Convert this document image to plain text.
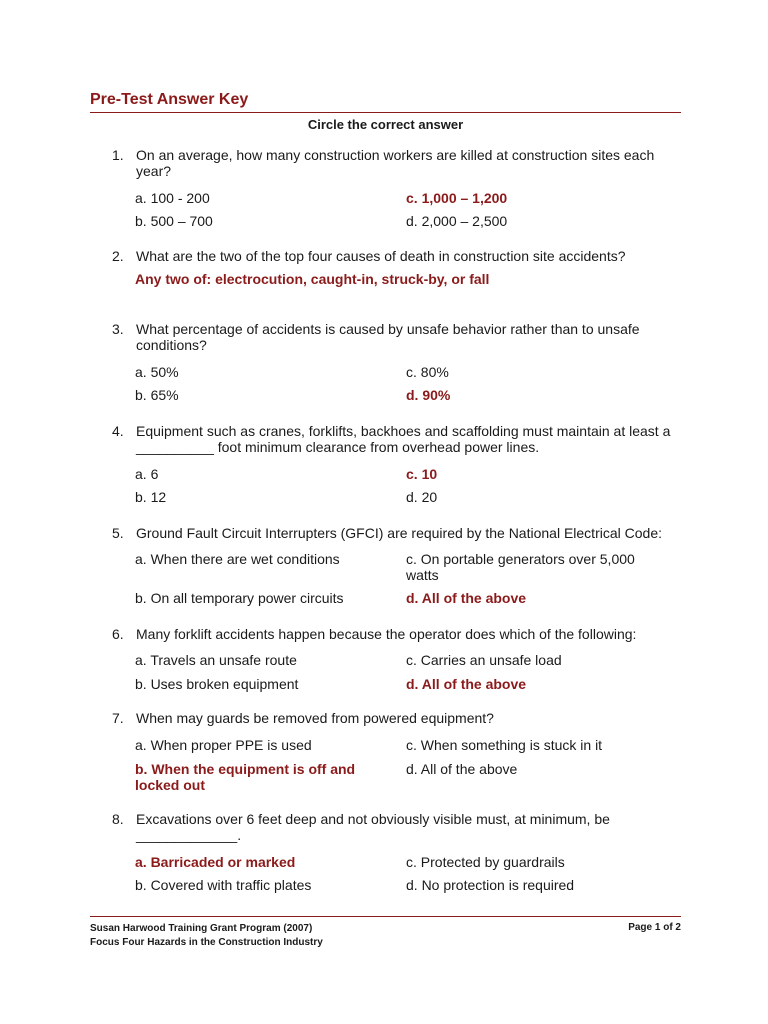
Pre-Test Answer Key
Circle the correct answer
1. On an average, how many construction workers are killed at construction sites each year?
a. 100 - 200	c. 1,000 – 1,200
b. 500 – 700	d. 2,000 – 2,500
2. What are the two of the top four causes of death in construction site accidents?
Any two of: electrocution, caught-in, struck-by, or fall
3. What percentage of accidents is caused by unsafe behavior rather than to unsafe conditions?
a. 50%	c. 80%
b. 65%	d. 90%
4. Equipment such as cranes, forklifts, backhoes and scaffolding must maintain at least a __________ foot minimum clearance from overhead power lines.
a. 6	c. 10
b. 12	d. 20
5. Ground Fault Circuit Interrupters (GFCI) are required by the National Electrical Code:
a. When there are wet conditions	c. On portable generators over 5,000 watts
b. On all temporary power circuits	d. All of the above
6. Many forklift accidents happen because the operator does which of the following:
a. Travels an unsafe route	c. Carries an unsafe load
b. Uses broken equipment	d. All of the above
7. When may guards be removed from powered equipment?
a. When proper PPE is used	c. When something is stuck in it
b. When the equipment is off and locked out
d. All of the above
8. Excavations over 6 feet deep and not obviously visible must, at minimum, be _____________.
a. Barricaded or marked	c. Protected by guardrails
b. Covered with traffic plates	d. No protection is required
Susan Harwood Training Grant Program (2007)
Focus Four Hazards in the Construction Industry
Page 1 of 2
